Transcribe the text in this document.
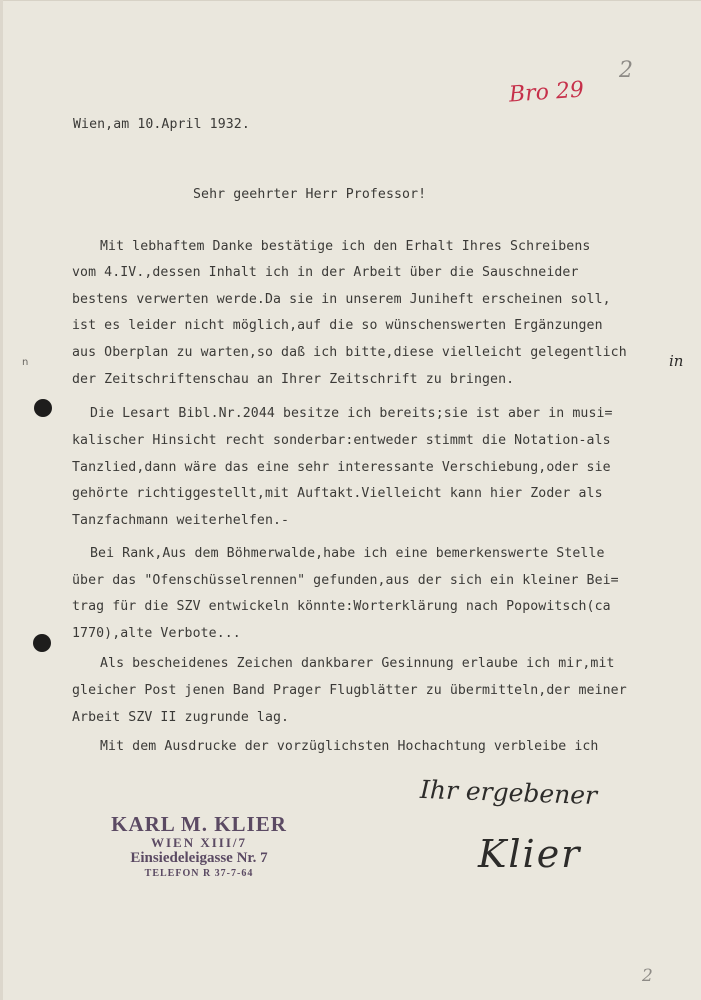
Bro 29
2
Wien,am 10.April 1932.
Sehr geehrter Herr Professor!
Mit lebhaftem Danke bestätige ich den Erhalt Ihres Schreibens
vom 4.IV.,dessen Inhalt ich in der Arbeit über die Sauschneider
bestens verwerten werde.Da sie in unserem Juniheft erscheinen soll,
ist es leider nicht möglich,auf die so wünschenswerten Ergänzungen
aus Oberplan zu warten,so daß ich bitte,diese vielleicht gelegentlich
der Zeitschriftenschau an Ihrer Zeitschrift zu bringen.
Die Lesart Bibl.Nr.2044 besitze ich bereits;sie ist aber in musi=
kalischer Hinsicht recht sonderbar:entweder stimmt die Notation-als
Tanzlied,dann wäre das eine sehr interessante Verschiebung,oder sie
gehörte richtiggestellt,mit Auftakt.Vielleicht kann hier Zoder als
Tanzfachmann weiterhelfen.-
Bei Rank,Aus dem Böhmerwalde,habe ich eine bemerkenswerte Stelle
über das "Ofenschüsselrennen" gefunden,aus der sich ein kleiner Bei=
trag für die SZV entwickeln könnte:Worterklärung nach Popowitsch(ca
1770),alte Verbote...
Als bescheidenes Zeichen dankbarer Gesinnung erlaube ich mir,mit
gleicher Post jenen Band Prager Flugblätter zu übermitteln,der meiner
Arbeit SZV II zugrunde lag.
Mit dem Ausdrucke der vorzüglichsten Hochachtung verbleibe ich
in
n
Ihr ergebener
Klier
KARL M. KLIER
WIEN XIII/7
Einsiedeleigasse Nr. 7
TELEFON R 37-7-64
2
